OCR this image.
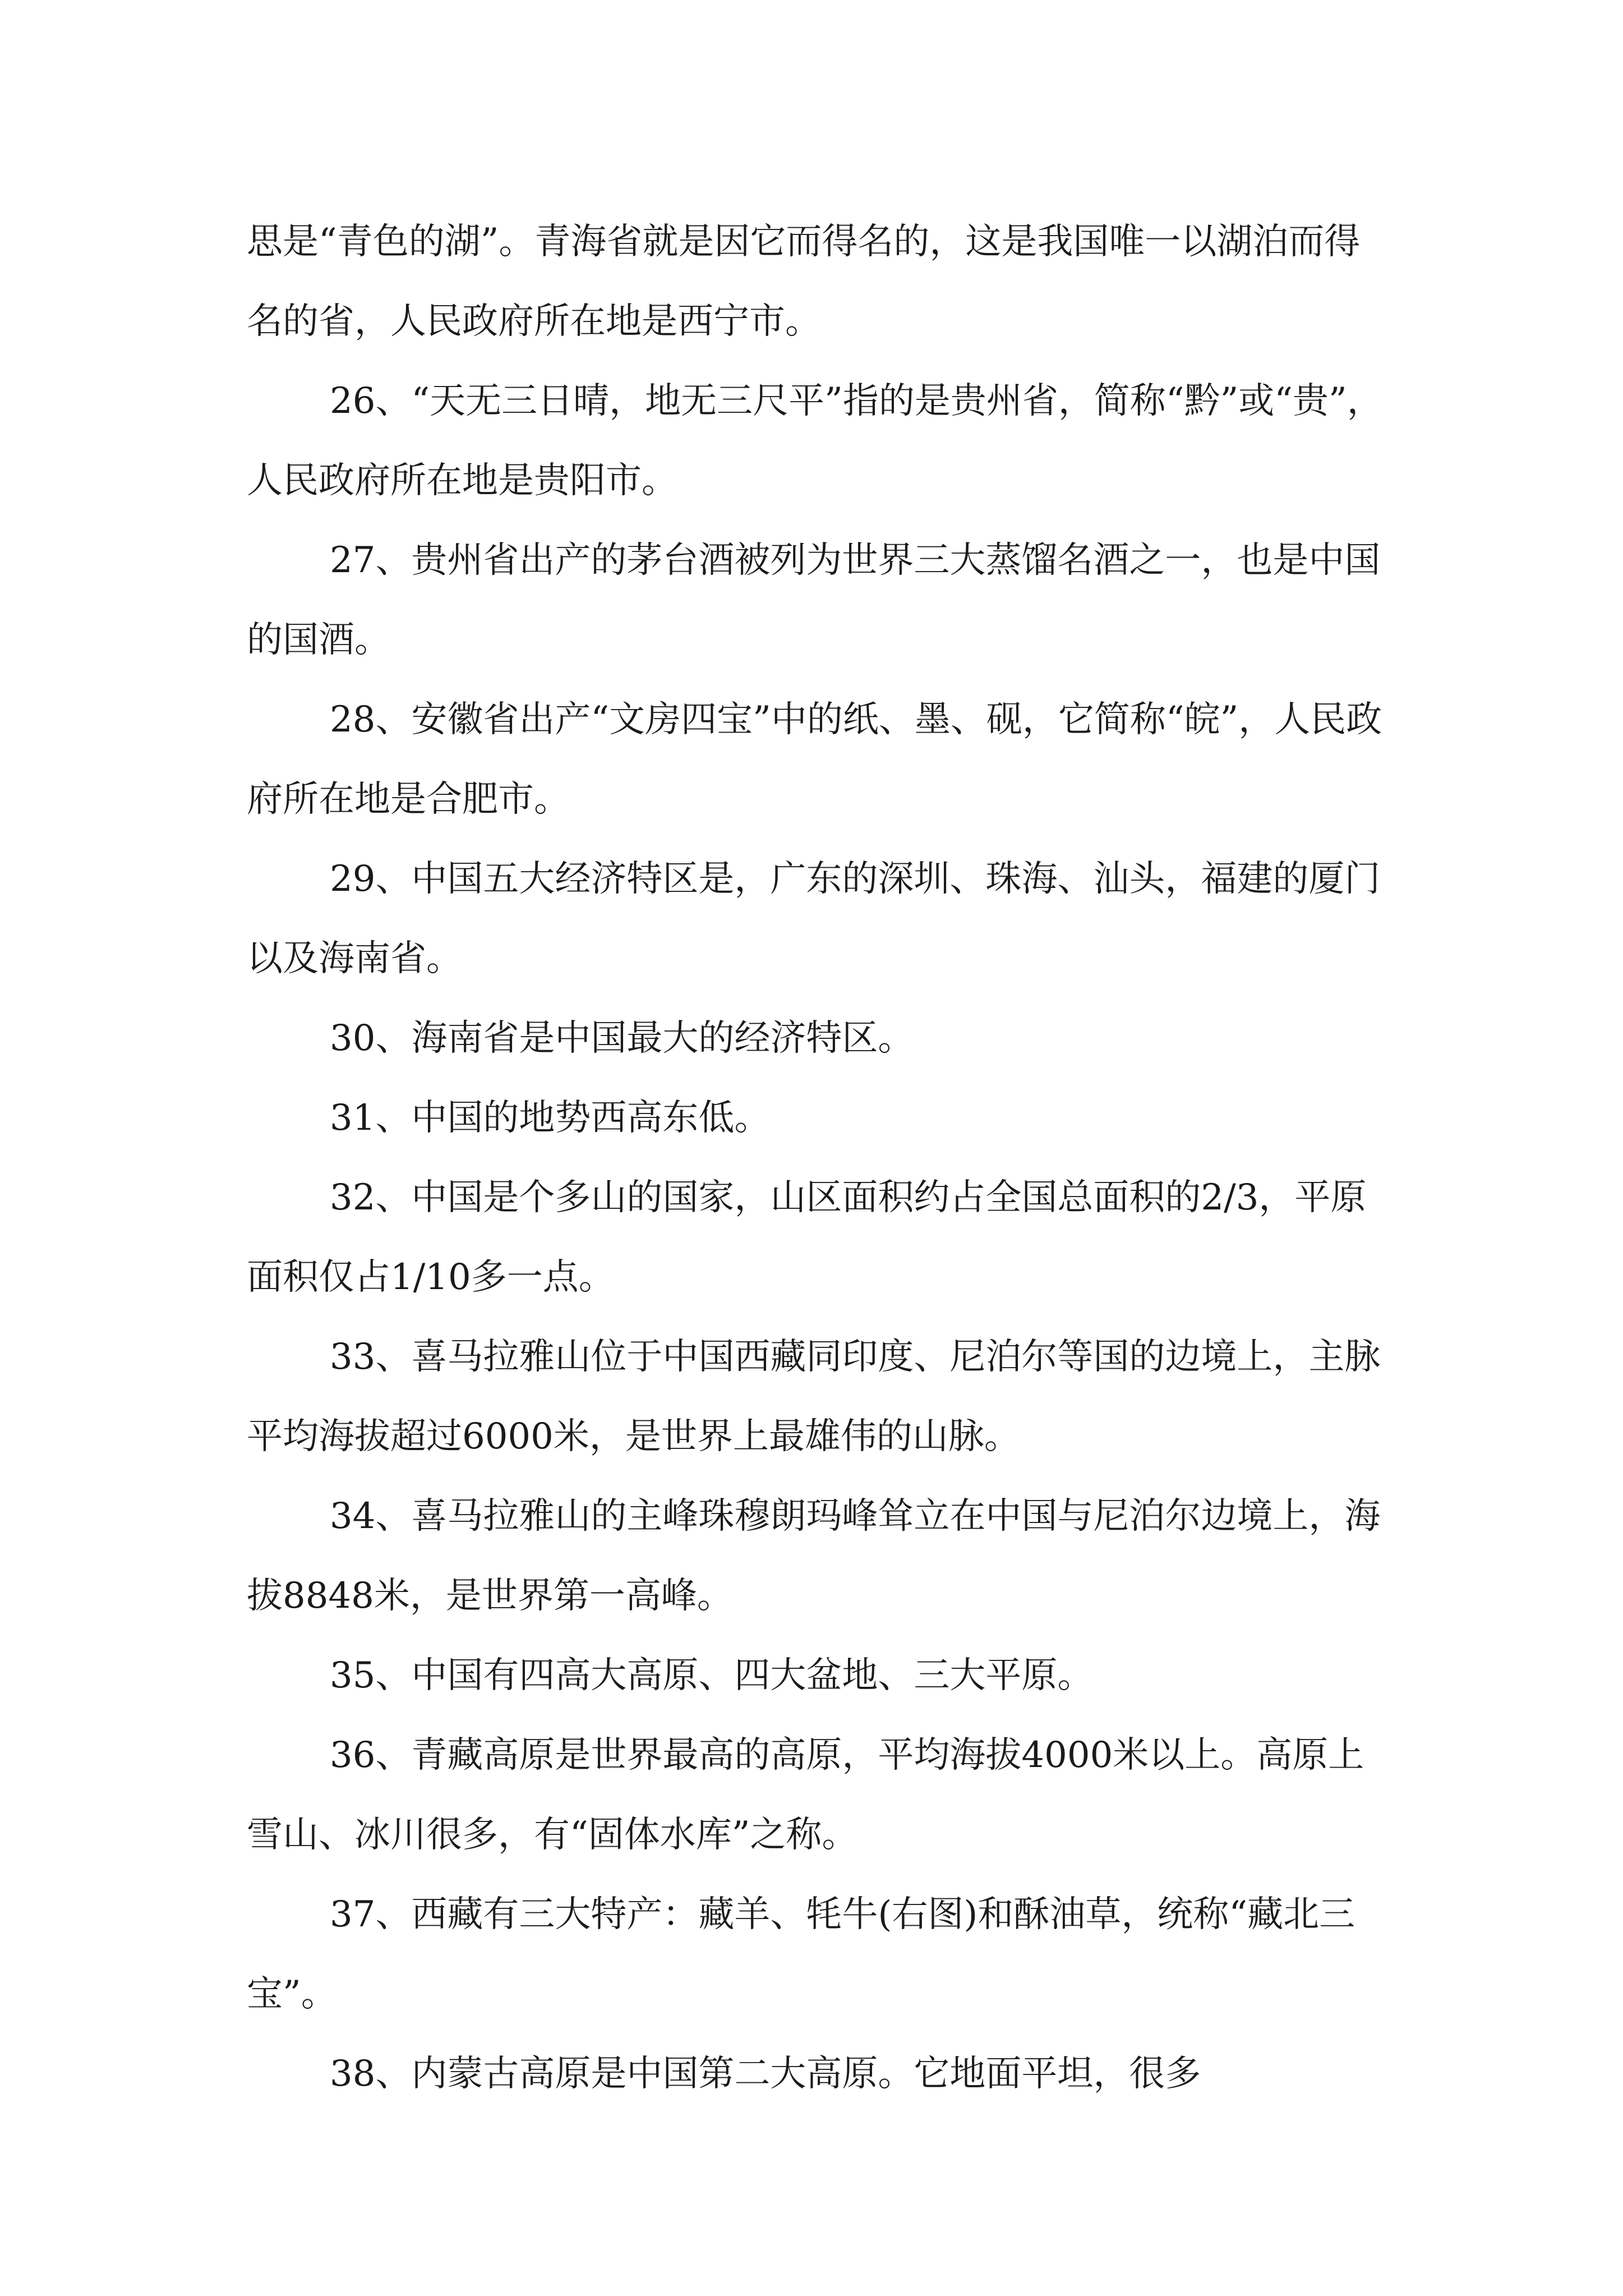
思是“青色的湖”。青海省就是因它而得名的，这是我国唯一以湖泊而得名的省，人民政府所在地是西宁市。

26、“天无三日晴，地无三尺平”指的是贵州省，简称“黔”或“贵”，人民政府所在地是贵阳市。

27、贵州省出产的茅台酒被列为世界三大蒸馏名酒之一，也是中国的国酒。

28、安徽省出产“文房四宝”中的纸、墨、砚，它简称“皖”，人民政府所在地是合肥市。

29、中国五大经济特区是，广东的深圳、珠海、汕头，福建的厦门以及海南省。

30、海南省是中国最大的经济特区。

31、中国的地势西高东低。

32、中国是个多山的国家，山区面积约占全国总面积的2/3，平原面积仅占1/10多一点。

33、喜马拉雅山位于中国西藏同印度、尼泊尔等国的边境上，主脉平均海拔超过6000米，是世界上最雄伟的山脉。

34、喜马拉雅山的主峰珠穆朗玛峰耸立在中国与尼泊尔边境上，海拔8848米，是世界第一高峰。

35、中国有四高大高原、四大盆地、三大平原。

36、青藏高原是世界最高的高原，平均海拔4000米以上。高原上雪山、冰川很多，有“固体水库”之称。

37、西藏有三大特产：藏羊、牦牛(右图)和酥油草，统称“藏北三宝”。

38、内蒙古高原是中国第二大高原。它地面平坦，很多
